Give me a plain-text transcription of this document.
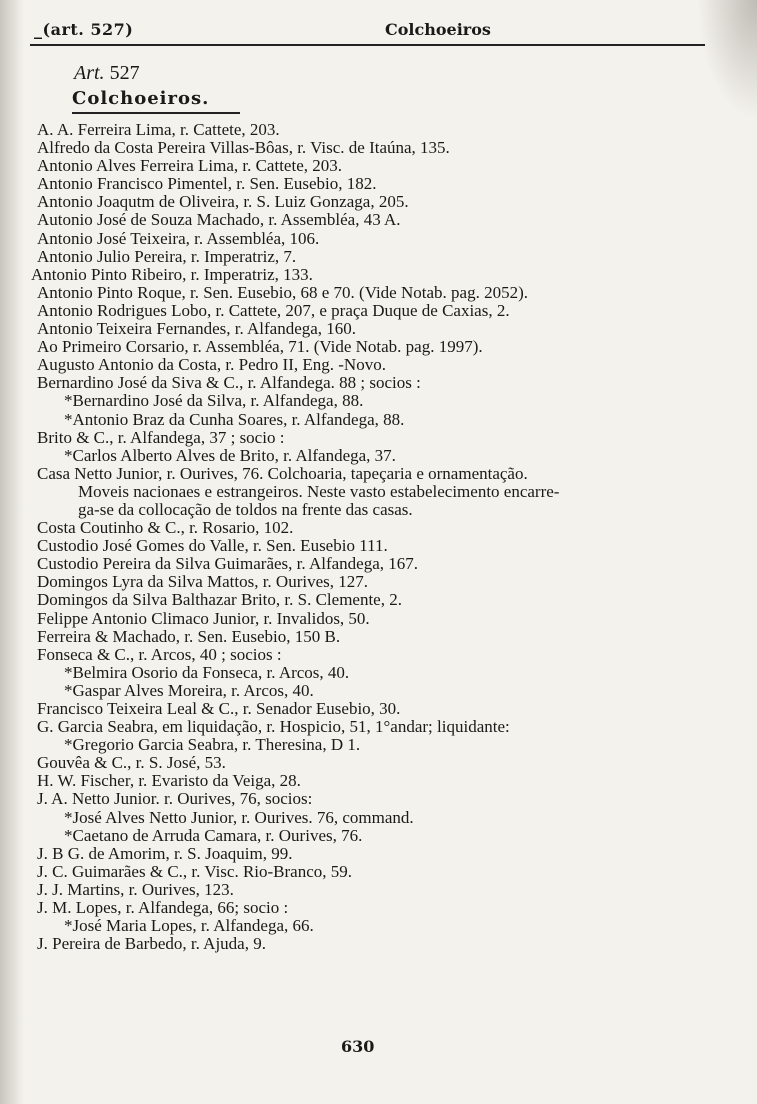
_(art. 527)	Colchoeiros
Art. 527
Colchoeiros.
A. A. Ferreira Lima, r. Cattete, 203.
Alfredo da Costa Pereira Villas-Bôas, r. Visc. de Itaúna, 135.
Antonio Alves Ferreira Lima, r. Cattete, 203.
Antonio Francisco Pimentel, r. Sen. Eusebio, 182.
Antonio Joaqutm de Oliveira, r. S. Luiz Gonzaga, 205.
Autonio José de Souza Machado, r. Assembléa, 43 A.
Antonio José Teixeira, r. Assembléa, 106.
Antonio Julio Pereira, r. Imperatriz, 7.
Antonio Pinto Ribeiro, r. Imperatriz, 133.
Antonio Pinto Roque, r. Sen. Eusebio, 68 e 70. (Vide Notab. pag. 2052).
Antonio Rodrigues Lobo, r. Cattete, 207, e praça Duque de Caxias, 2.
Antonio Teixeira Fernandes, r. Alfandega, 160.
Ao Primeiro Corsario, r. Assembléa, 71. (Vide Notab. pag. 1997).
Augusto Antonio da Costa, r. Pedro II, Eng. -Novo.
Bernardino José da Siva & C., r. Alfandega. 88 ; socios :
*Bernardino José da Silva, r. Alfandega, 88.
*Antonio Braz da Cunha Soares, r. Alfandega, 88.
Brito & C., r. Alfandega, 37 ; socio :
*Carlos Alberto Alves de Brito, r. Alfandega, 37.
Casa Netto Junior, r. Ourives, 76. Colchoaria, tapeçaria e ornamentação.
Moveis nacionaes e estrangeiros. Neste vasto estabelecimento encarre-
ga-se da collocação de toldos na frente das casas.
Costa Coutinho & C., r. Rosario, 102.
Custodio José Gomes do Valle, r. Sen. Eusebio 111.
Custodio Pereira da Silva Guimarães, r. Alfandega, 167.
Domingos Lyra da Silva Mattos, r. Ourives, 127.
Domingos da Silva Balthazar Brito, r. S. Clemente, 2.
Felippe Antonio Climaco Junior, r. Invalidos, 50.
Ferreira & Machado, r. Sen. Eusebio, 150 B.
Fonseca & C., r. Arcos, 40 ; socios :
*Belmira Osorio da Fonseca, r. Arcos, 40.
*Gaspar Alves Moreira, r. Arcos, 40.
Francisco Teixeira Leal & C., r. Senador Eusebio, 30.
G. Garcia Seabra, em liquidação, r. Hospicio, 51, 1°andar; liquidante:
*Gregorio Garcia Seabra, r. Theresina, D 1.
Gouvêa & C., r. S. José, 53.
H. W. Fischer, r. Evaristo da Veiga, 28.
J. A. Netto Junior. r. Ourives, 76, socios:
*José Alves Netto Junior, r. Ourives. 76, command.
*Caetano de Arruda Camara, r. Ourives, 76.
J. B G. de Amorim, r. S. Joaquim, 99.
J. C. Guimarães & C., r. Visc. Rio-Branco, 59.
J. J. Martins, r. Ourives, 123.
J. M. Lopes, r. Alfandega, 66; socio :
*José Maria Lopes, r. Alfandega, 66.
J. Pereira de Barbedo, r. Ajuda, 9.
630
